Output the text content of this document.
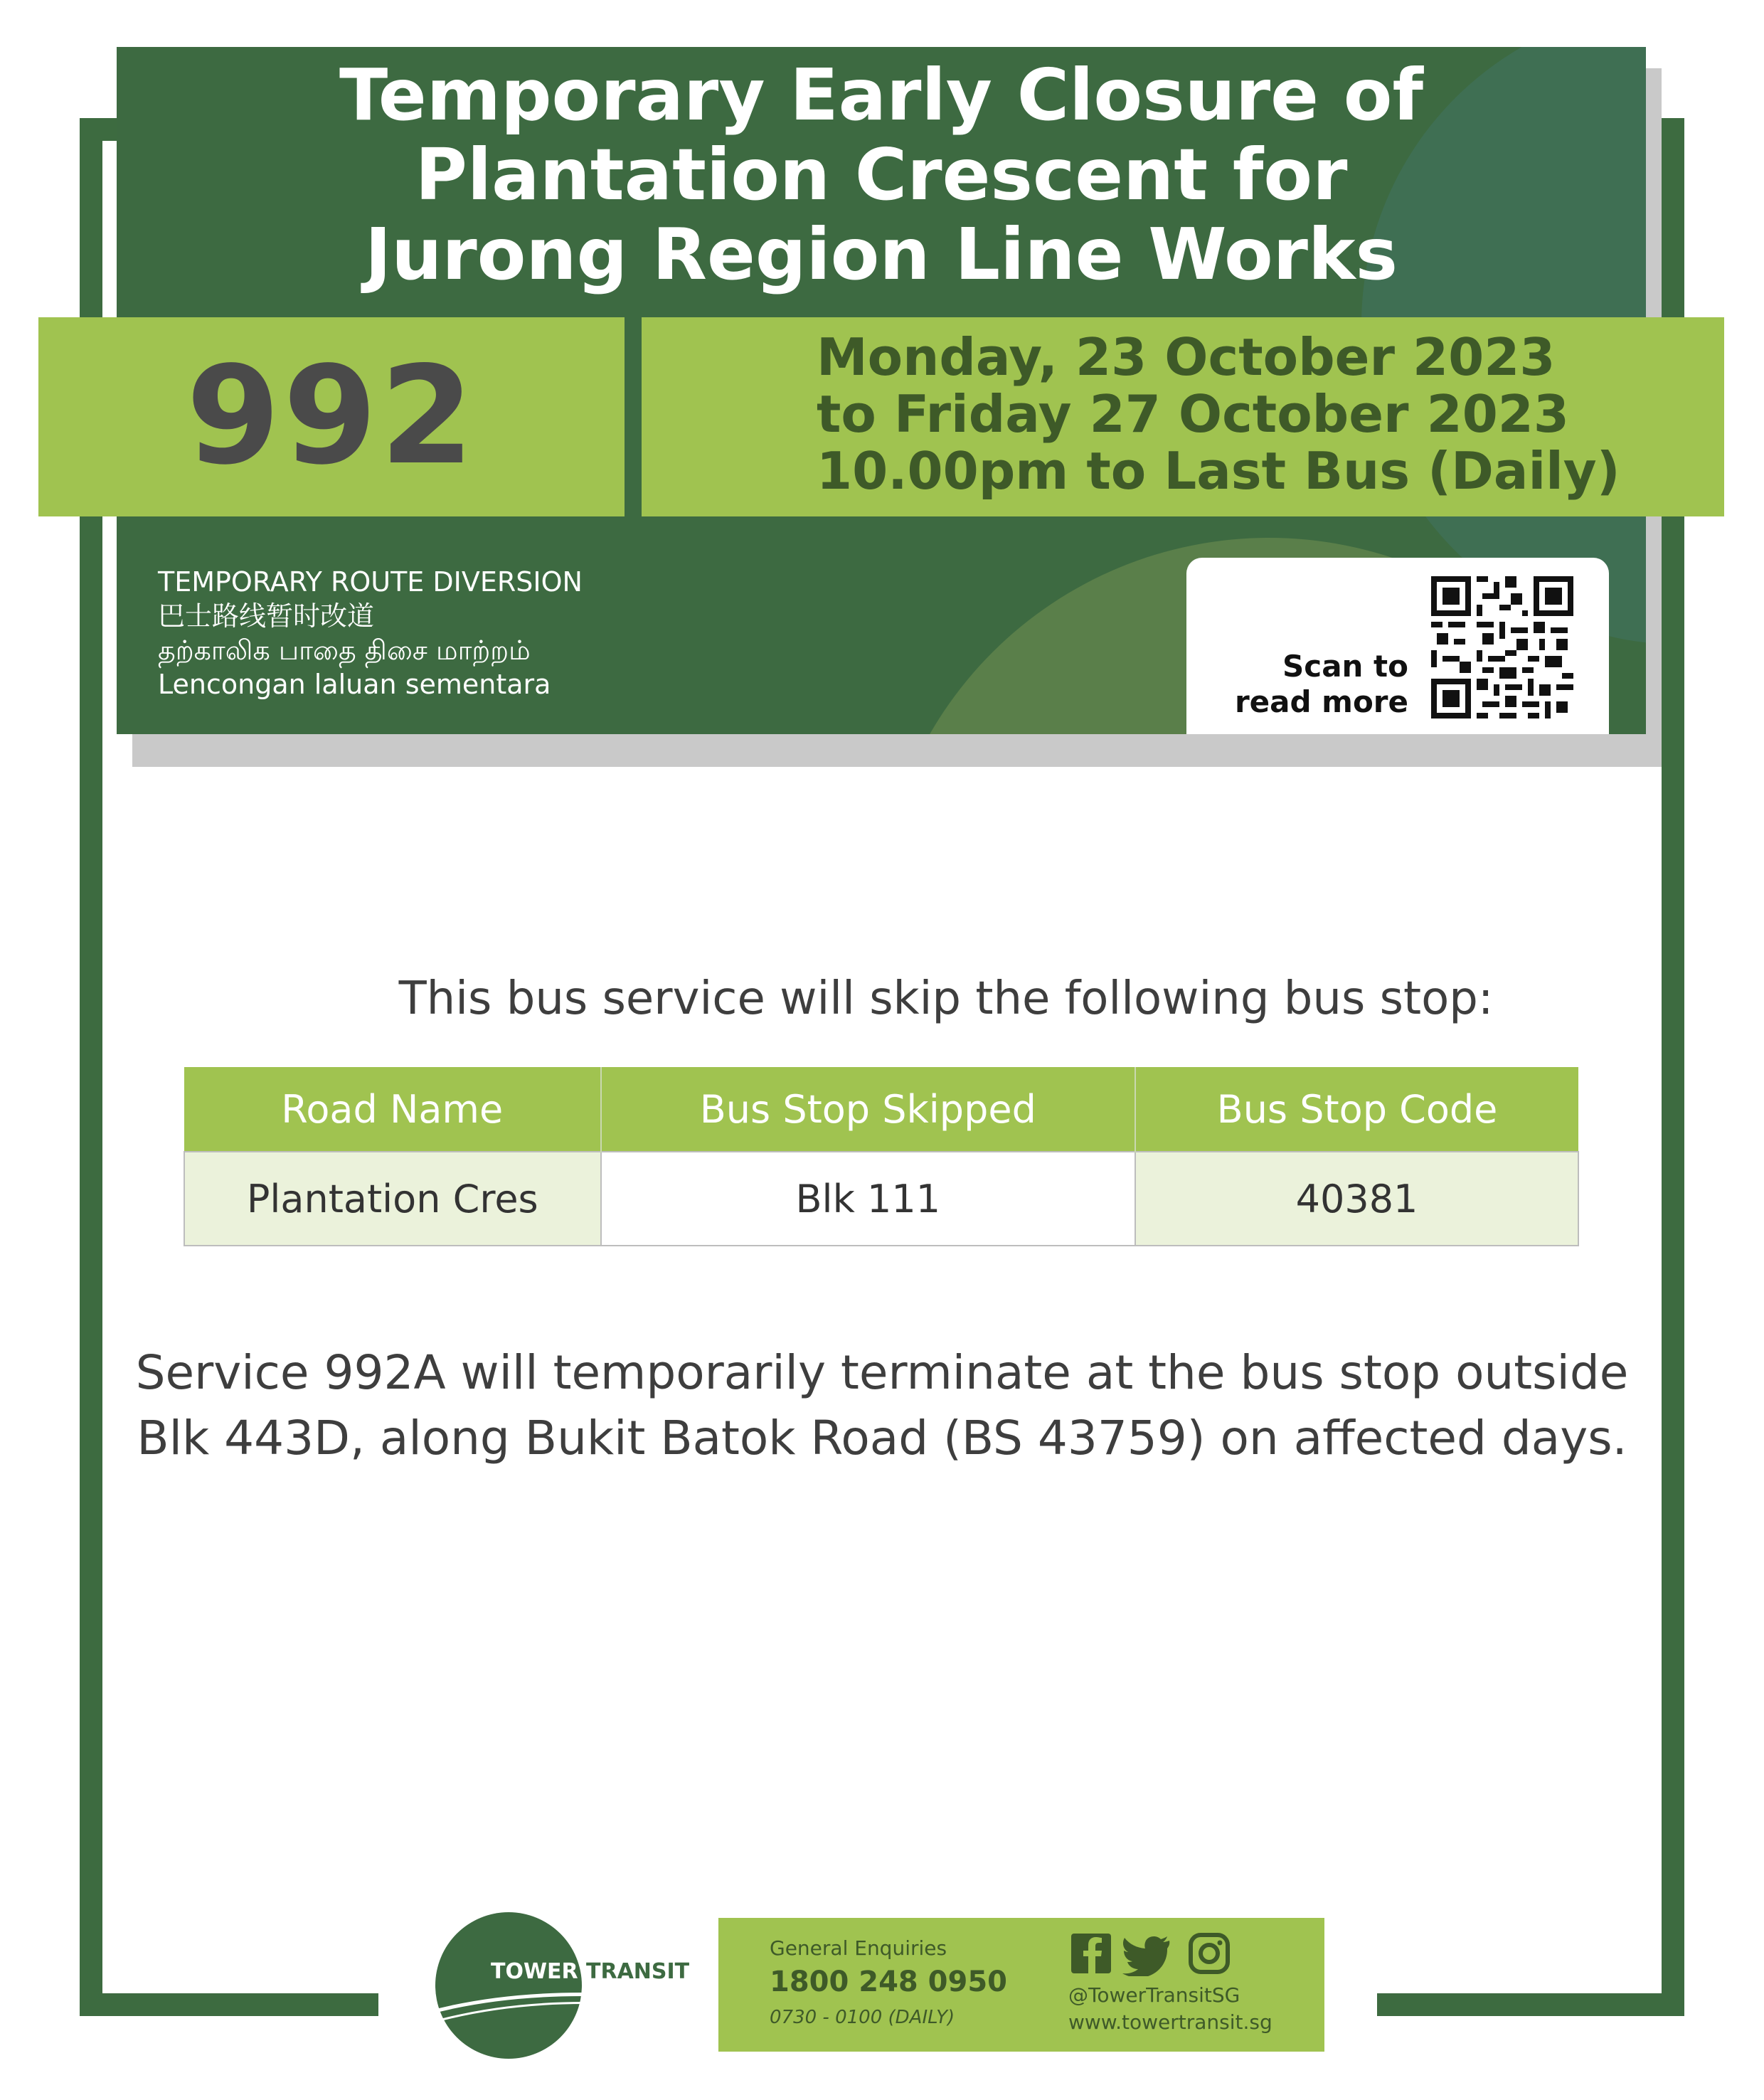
Temporary Early Closure of
Plantation Crescent for
Jurong Region Line Works
992	Monday, 23 October 2023
to Friday 27 October 2023
10.00pm to Last Bus (Daily)
TEMPORARY ROUTE DIVERSION
巴士路线暂时改道
தற்காலிக பாதை திசை மாற்றம்
Lencongan laluan sementara
Scan to
read more
This bus service will skip the following bus stop:
Road Name	Bus Stop Skipped	Bus Stop Code
Plantation Cres	Blk 111	40381
Service 992A will temporarily terminate at the bus stop outside
Blk 443D, along Bukit Batok Road (BS 43759) on affected days.
TOWER TRANSIT
General Enquiries
1800 248 0950
0730 - 0100 (DAILY)
@TowerTransitSG
www.towertransit.sg
